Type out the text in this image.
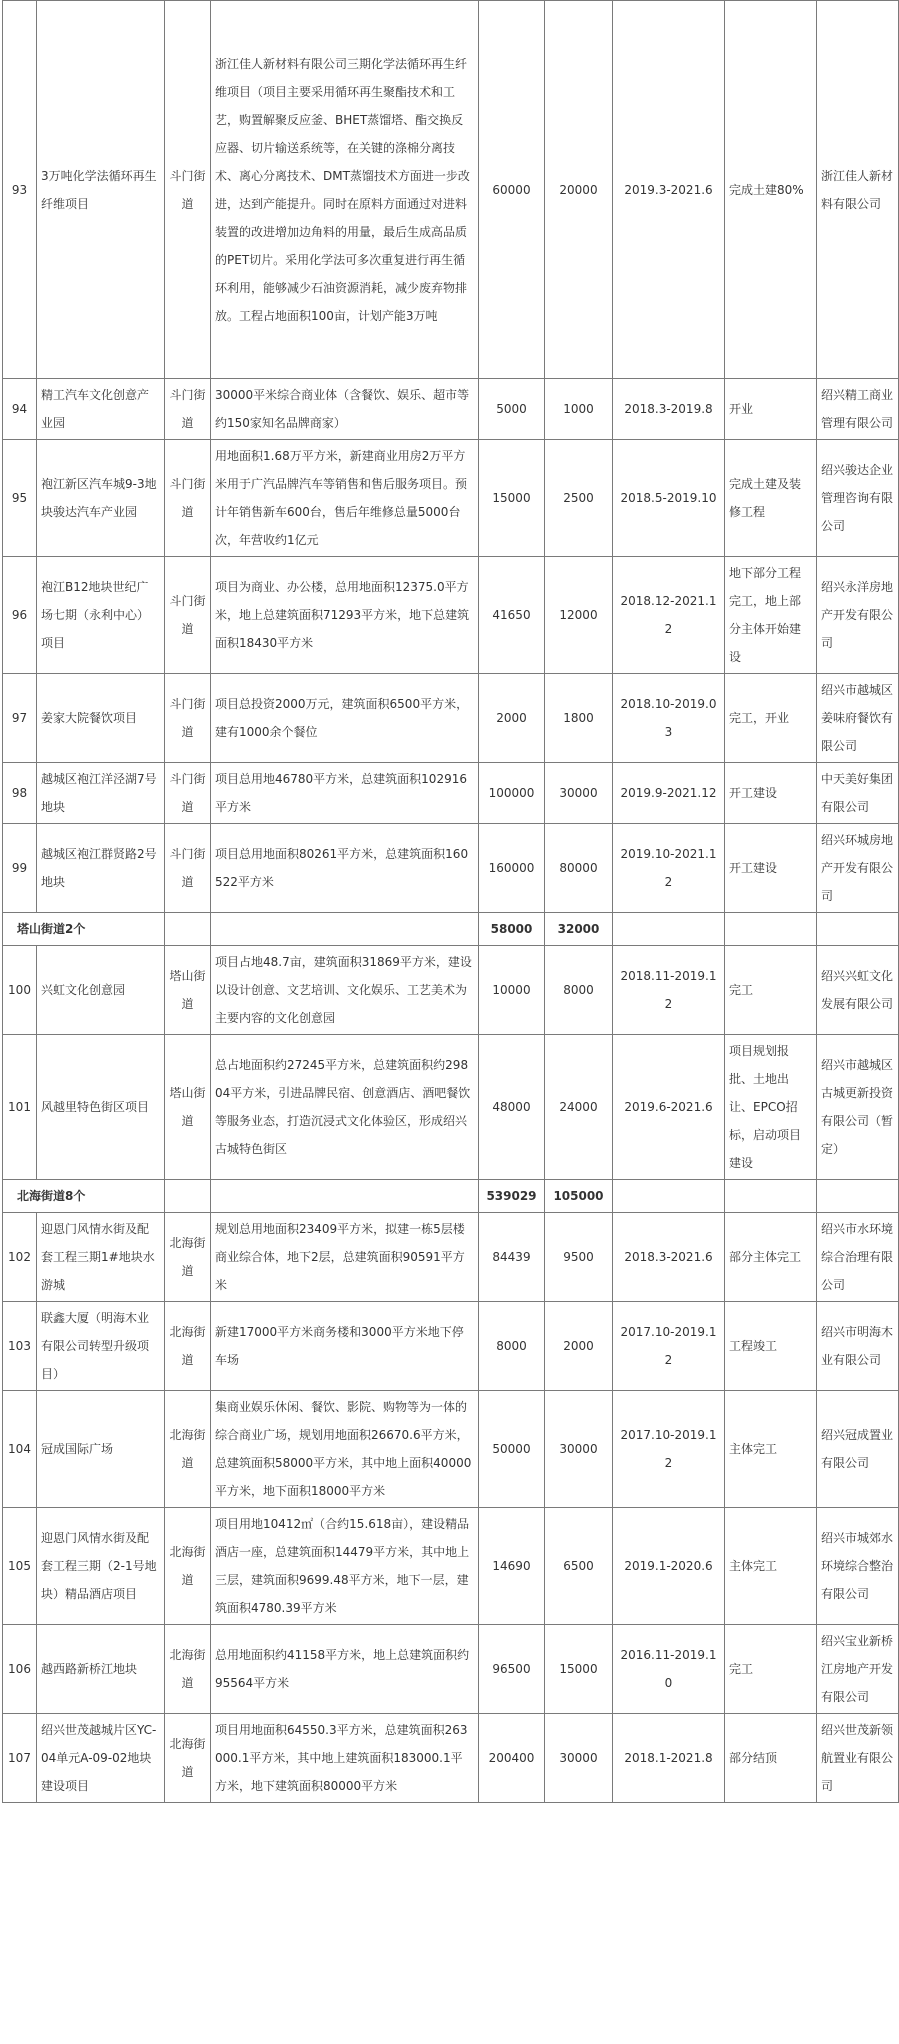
93	3万吨化学法循环再生纤维项目	斗门街道	浙江佳人新材料有限公司三期化学法循环再生纤维项目（项目主要采用循环再生聚酯技术和工艺，购置解聚反应釜、BHET蒸馏塔、酯交换反应器、切片输送系统等，在关键的涤棉分离技术、离心分离技术、DMT蒸馏技术方面进一步改进，达到产能提升。同时在原料方面通过对进料装置的改进增加边角料的用量，最后生成高品质的PET切片。采用化学法可多次重复进行再生循环利用，能够减少石油资源消耗，减少废弃物排放。工程占地面积100亩，计划产能3万吨	60000	20000	2019.3-2021.6	完成土建80%	浙江佳人新材料有限公司
94	精工汽车文化创意产业园	斗门街道	30000平米综合商业体（含餐饮、娱乐、超市等约150家知名品牌商家）	5000	1000	2018.3-2019.8	开业	绍兴精工商业管理有限公司
95	袍江新区汽车城9-3地块骏达汽车产业园	斗门街道	用地面积1.68万平方米，新建商业用房2万平方米用于广汽品牌汽车等销售和售后服务项目。预计年销售新车600台，售后年维修总量5000台次，年营收约1亿元	15000	2500	2018.5-2019.10	完成土建及装修工程	绍兴骏达企业管理咨询有限公司
96	袍江B12地块世纪广场七期（永利中心）项目	斗门街道	项目为商业、办公楼，总用地面积12375.0平方米，地上总建筑面积71293平方米，地下总建筑面积18430平方米	41650	12000	2018.12-2021.12	地下部分工程完工，地上部分主体开始建设	绍兴永洋房地产开发有限公司
97	姜家大院餐饮项目	斗门街道	项目总投资2000万元，建筑面积6500平方米，建有1000余个餐位	2000	1800	2018.10-2019.03	完工，开业	绍兴市越城区姜味府餐饮有限公司
98	越城区袍江洋泾湖7号地块	斗门街道	项目总用地46780平方米，总建筑面积102916平方米	100000	30000	2019.9-2021.12	开工建设	中天美好集团有限公司
99	越城区袍江群贤路2号地块	斗门街道	项目总用地面积80261平方米，总建筑面积160522平方米	160000	80000	2019.10-2021.12	开工建设	绍兴环城房地产开发有限公司
塔山街道2个				58000	32000			
100	兴虹文化创意园	塔山街道	项目占地48.7亩，建筑面积31869平方米，建设以设计创意、文艺培训、文化娱乐、工艺美术为主要内容的文化创意园	10000	8000	2018.11-2019.12	完工	绍兴兴虹文化发展有限公司
101	风越里特色街区项目	塔山街道	总占地面积约27245平方米，总建筑面积约29804平方米，引进品牌民宿、创意酒店、酒吧餐饮等服务业态，打造沉浸式文化体验区，形成绍兴古城特色街区	48000	24000	2019.6-2021.6	项目规划报批、土地出让、EPCO招标，启动项目建设	绍兴市越城区古城更新投资有限公司（暂定）
北海街道8个				539029	105000			
102	迎恩门风情水街及配套工程三期1#地块水游城	北海街道	规划总用地面积23409平方米，拟建一栋5层楼商业综合体，地下2层，总建筑面积90591平方米	84439	9500	2018.3-2021.6	部分主体完工	绍兴市水环境综合治理有限公司
103	联鑫大厦（明海木业有限公司转型升级项目）	北海街道	新建17000平方米商务楼和3000平方米地下停车场	8000	2000	2017.10-2019.12	工程竣工	绍兴市明海木业有限公司
104	冠成国际广场	北海街道	集商业娱乐休闲、餐饮、影院、购物等为一体的综合商业广场，规划用地面积26670.6平方米，总建筑面积58000平方米，其中地上面积40000平方米，地下面积18000平方米	50000	30000	2017.10-2019.12	主体完工	绍兴冠成置业有限公司
105	迎恩门风情水街及配套工程三期（2-1号地块）精品酒店项目	北海街道	项目用地10412㎡（合约15.618亩），建设精品酒店一座，总建筑面积14479平方米，其中地上三层，建筑面积9699.48平方米，地下一层，建筑面积4780.39平方米	14690	6500	2019.1-2020.6	主体完工	绍兴市城郊水环境综合整治有限公司
106	越西路新桥江地块	北海街道	总用地面积约41158平方米，地上总建筑面积约95564平方米	96500	15000	2016.11-2019.10	完工	绍兴宝业新桥江房地产开发有限公司
107	绍兴世茂越城片区YC-04单元A-09-02地块建设项目	北海街道	项目用地面积64550.3平方米，总建筑面积263000.1平方米，其中地上建筑面积183000.1平方米，地下建筑面积80000平方米	200400	30000	2018.1-2021.8	部分结顶	绍兴世茂新领航置业有限公司
